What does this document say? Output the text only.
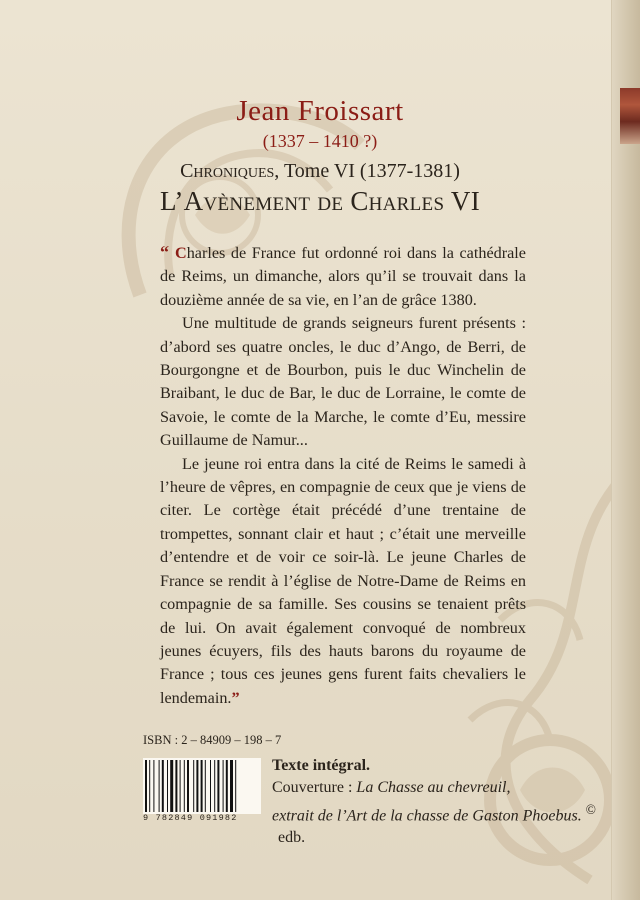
Jean Froissart
(1337 – 1410 ?)
Chroniques, Tome VI (1377-1381)
L’Avènement de Charles VI

“ Charles de France fut ordonné roi dans la cathédrale de Reims, un dimanche, alors qu’il se trouvait dans la douzième année de sa vie, en l’an de grâce 1380.

Une multitude de grands seigneurs furent présents : d’abord ses quatre oncles, le duc d’Ango, de Berri, de Bourgongne et de Bourbon, puis le duc Winchelin de Braibant, le duc de Bar, le duc de Lorraine, le comte de Savoie, le comte de la Marche, le comte d’Eu, messire Guillaume de Namur...

Le jeune roi entra dans la cité de Reims le samedi à l’heure de vêpres, en compagnie de ceux que je viens de citer. Le cortège était précédé d’une trentaine de trompettes, sonnant clair et haut ; c’était une merveille d’entendre et de voir ce soir-là. Le jeune Charles de France se rendit à l’église de Notre-Dame de Reims en compagnie de sa famille. Ses cousins se tenaient prêts de lui. On avait également convoqué de nombreux jeunes écuyers, fils des hauts barons du royaume de France ; tous ces jeunes gens furent faits chevaliers le lendemain.”

ISBN : 2 – 84909 – 198 – 7
9 782849 091982
Texte intégral.
Couverture : La Chasse au chevreuil,
extrait de l’Art de la chasse de Gaston Phoebus. © edb.
